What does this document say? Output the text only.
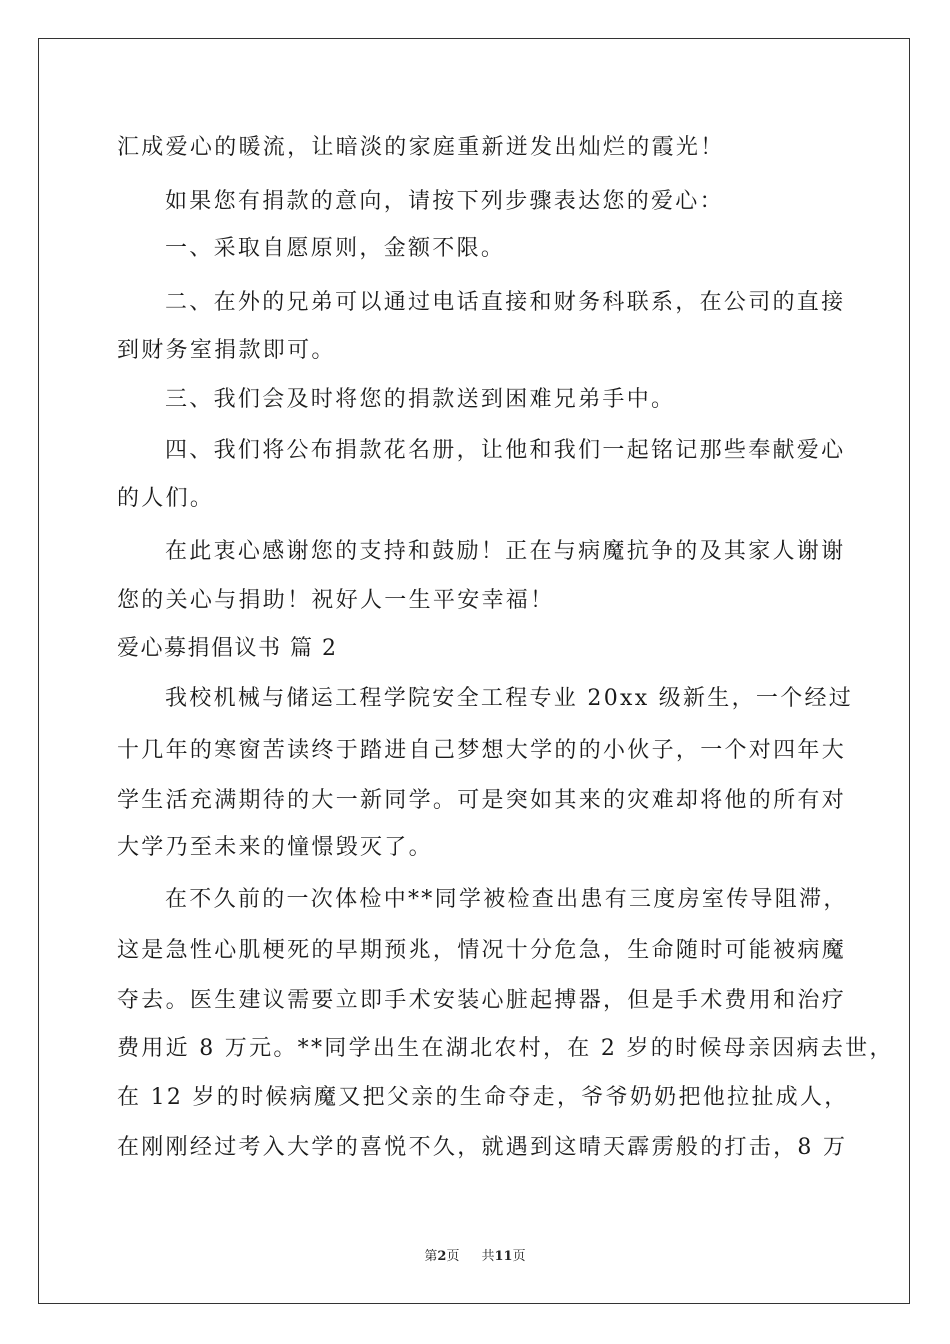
汇成爱心的暖流，让暗淡的家庭重新迸发出灿烂的霞光！
如果您有捐款的意向，请按下列步骤表达您的爱心：
一、采取自愿原则，金额不限。
二、在外的兄弟可以通过电话直接和财务科联系，在公司的直接
到财务室捐款即可。
三、我们会及时将您的捐款送到困难兄弟手中。
四、我们将公布捐款花名册，让他和我们一起铭记那些奉献爱心
的人们。
在此衷心感谢您的支持和鼓励！正在与病魔抗争的及其家人谢谢
您的关心与捐助！祝好人一生平安幸福！
爱心募捐倡议书 篇 2
我校机械与储运工程学院安全工程专业 20xx 级新生，一个经过
十几年的寒窗苦读终于踏进自己梦想大学的的小伙子，一个对四年大
学生活充满期待的大一新同学。可是突如其来的灾难却将他的所有对
大学乃至未来的憧憬毁灭了。
在不久前的一次体检中**同学被检查出患有三度房室传导阻滞，
这是急性心肌梗死的早期预兆，情况十分危急，生命随时可能被病魔
夺去。医生建议需要立即手术安装心脏起搏器，但是手术费用和治疗
费用近 8 万元。**同学出生在湖北农村，在 2 岁的时候母亲因病去世，
在 12 岁的时候病魔又把父亲的生命夺走，爷爷奶奶把他拉扯成人，
在刚刚经过考入大学的喜悦不久，就遇到这晴天霹雳般的打击，8 万
第2页 共11页
